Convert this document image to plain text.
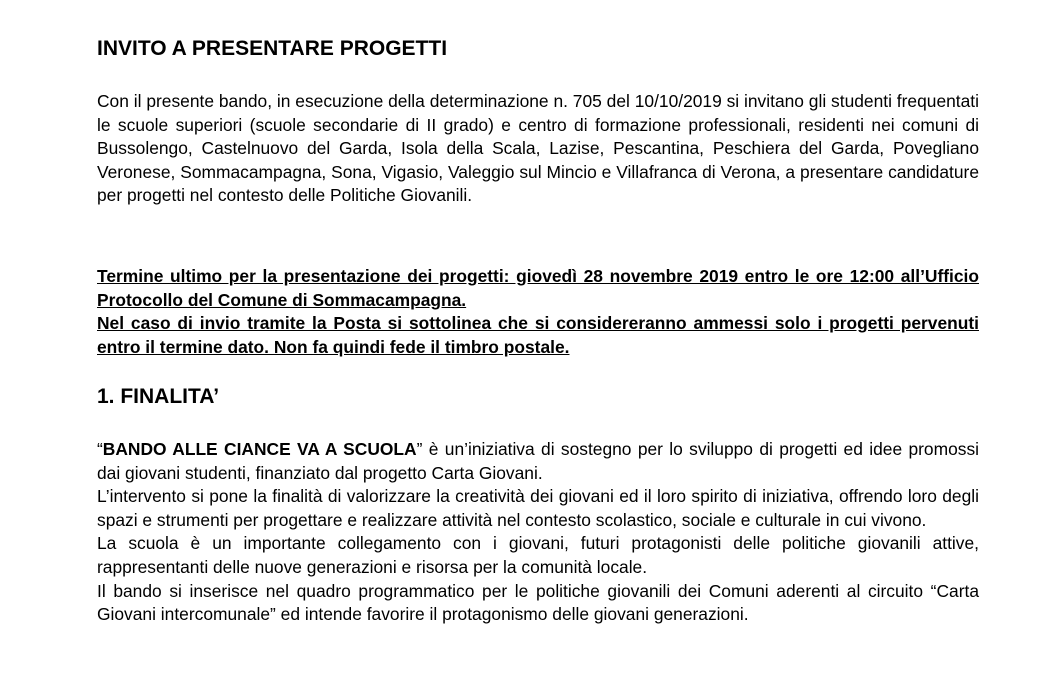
INVITO A PRESENTARE PROGETTI

Con il presente bando, in esecuzione della determinazione n. 705 del 10/10/2019 si invitano gli studenti frequentati le scuole superiori (scuole secondarie di II grado) e centro di formazione professionali, residenti nei comuni di Bussolengo, Castelnuovo del Garda, Isola della Scala, Lazise, Pescantina, Peschiera del Garda, Povegliano Veronese, Sommacampagna, Sona, Vigasio, Valeggio sul Mincio e Villafranca di Verona, a presentare candidature per progetti nel contesto delle Politiche Giovanili.

Termine ultimo per la presentazione dei progetti: giovedì 28 novembre 2019 entro le ore 12:00 all’Ufficio Protocollo del Comune di Sommacampagna.

Nel caso di invio tramite la Posta si sottolinea che si considereranno ammessi solo i progetti pervenuti entro il termine dato. Non fa quindi fede il timbro postale.

1. FINALITA’

“BANDO ALLE CIANCE VA A SCUOLA” è un’iniziativa di sostegno per lo sviluppo di progetti ed idee promossi dai giovani studenti, finanziato dal progetto Carta Giovani.

L’intervento si pone la finalità di valorizzare la creatività dei giovani ed il loro spirito di iniziativa, offrendo loro degli spazi e strumenti per progettare e realizzare attività nel contesto scolastico, sociale e culturale in cui vivono.

La scuola è un importante collegamento con i giovani, futuri protagonisti delle politiche giovanili attive, rappresentanti delle nuove generazioni e risorsa per la comunità locale.

Il bando si inserisce nel quadro programmatico per le politiche giovanili dei Comuni aderenti al circuito “Carta Giovani intercomunale” ed intende favorire il protagonismo delle giovani generazioni.
